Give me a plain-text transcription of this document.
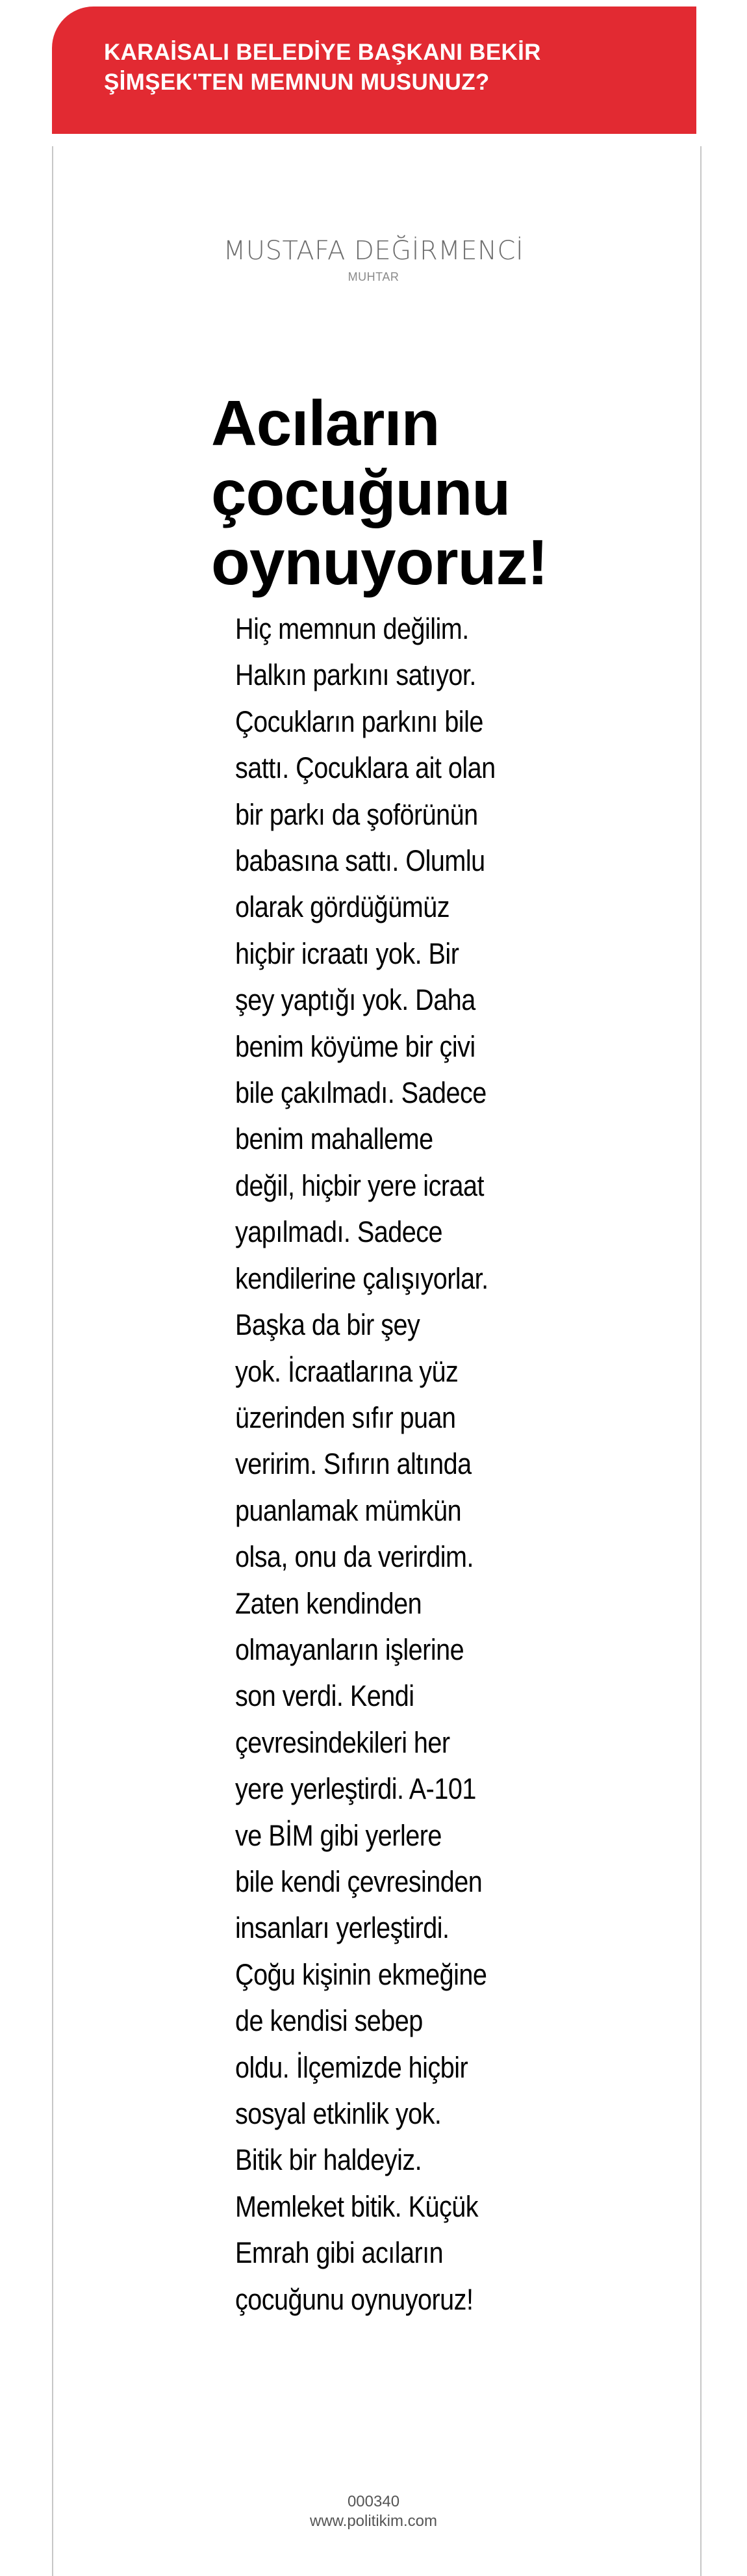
KARAİSALI BELEDİYE BAŞKANI BEKİR
ŞİMŞEK'TEN MEMNUN MUSUNUZ?
MUSTAFA DEĞİRMENCİ
MUHTAR
Acıların
çocuğunu
oynuyoruz!
Hiç memnun değilim.
Halkın parkını satıyor.
Çocukların parkını bile
sattı. Çocuklara ait olan
bir parkı da şoförünün
babasına sattı. Olumlu
olarak gördüğümüz
hiçbir icraatı yok. Bir
şey yaptığı yok. Daha
benim köyüme bir çivi
bile çakılmadı. Sadece
benim mahalleme
değil, hiçbir yere icraat
yapılmadı. Sadece
kendilerine çalışıyorlar.
Başka da bir şey
yok. İcraatlarına yüz
üzerinden sıfır puan
veririm. Sıfırın altında
puanlamak mümkün
olsa, onu da verirdim.
Zaten kendinden
olmayanların işlerine
son verdi. Kendi
çevresindekileri her
yere yerleştirdi. A-101
ve BİM gibi yerlere
bile kendi çevresinden
insanları yerleştirdi.
Çoğu kişinin ekmeğine
de kendisi sebep
oldu. İlçemizde hiçbir
sosyal etkinlik yok.
Bitik bir haldeyiz.
Memleket bitik. Küçük
Emrah gibi acıların
çocuğunu oynuyoruz!
000340
www.politikim.com
